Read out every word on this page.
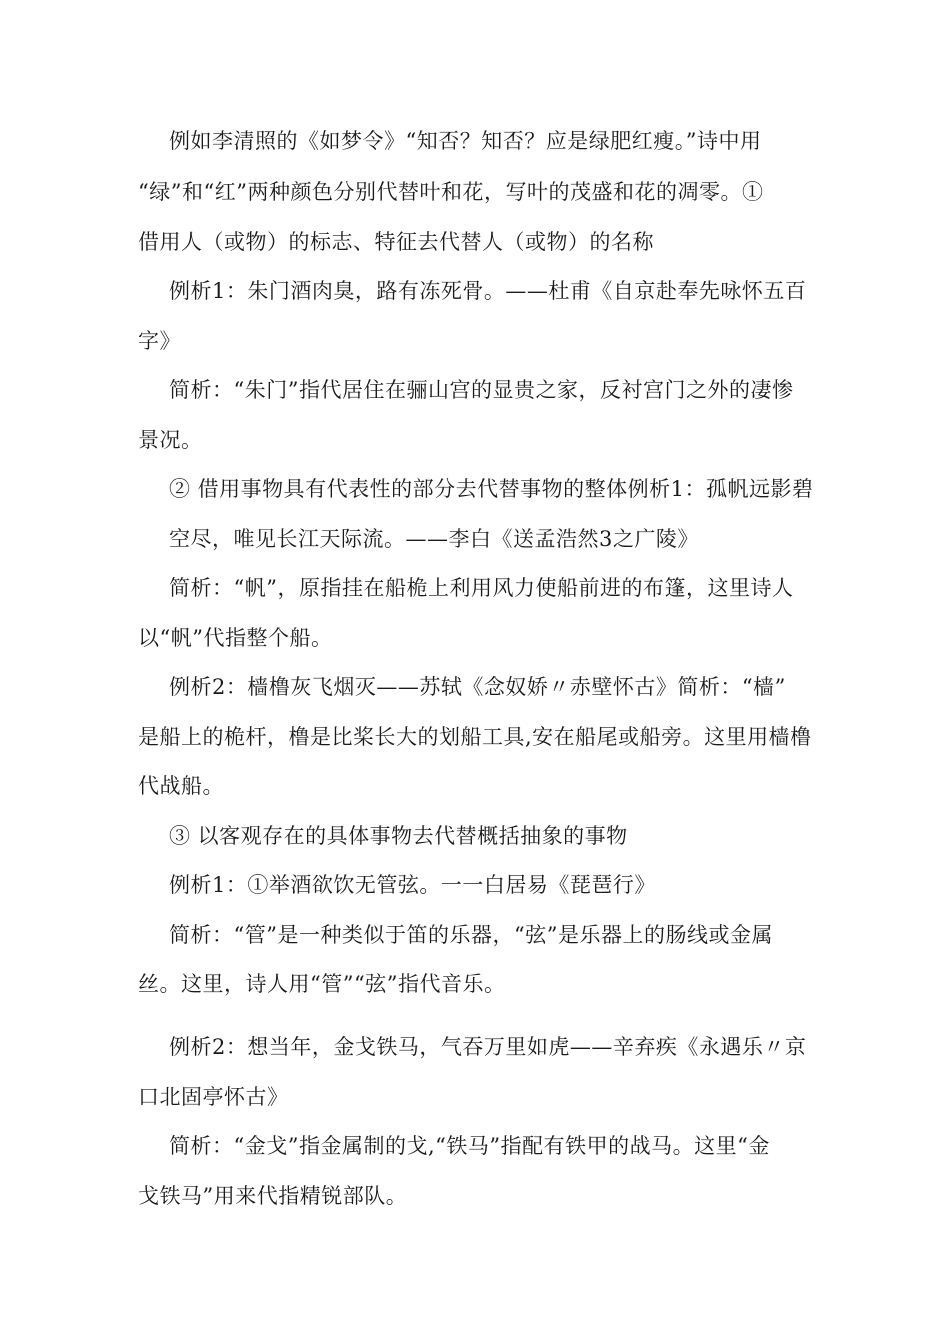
例如李清照的《如梦令》“知否？知否？应是绿肥红瘦。”诗中用
“绿”和“红”两种颜色分别代替叶和花，写叶的茂盛和花的凋零。①
借用人（或物）的标志、特征去代替人（或物）的名称
例析1：朱门酒肉臭，路有冻死骨。——杜甫《自京赴奉先咏怀五百
字》
简析：“朱门”指代居住在骊山宫的显贵之家，反衬宫门之外的凄惨
景况。
② 借用事物具有代表性的部分去代替事物的整体例析1：孤帆远影碧
空尽，唯见长江天际流。——李白《送孟浩然3之广陵》
简析：“帆”，原指挂在船桅上利用风力使船前进的布篷，这里诗人
以“帆”代指整个船。
例析2：樯橹灰飞烟灭——苏轼《念奴娇〃赤壁怀古》简析：“樯”
是船上的桅杆，橹是比桨长大的划船工具,安在船尾或船旁。这里用樯橹
代战船。
③ 以客观存在的具体事物去代替概括抽象的事物
例析1：①举酒欲饮无管弦。一一白居易《琵琶行》
简析：“管”是一种类似于笛的乐器，“弦”是乐器上的肠线或金属
丝。这里，诗人用“管”“弦”指代音乐。
例析2：想当年，金戈铁马，气吞万里如虎——辛弃疾《永遇乐〃京
口北固亭怀古》
简析：“金戈”指金属制的戈,“铁马”指配有铁甲的战马。这里“金
戈铁马”用来代指精锐部队。
